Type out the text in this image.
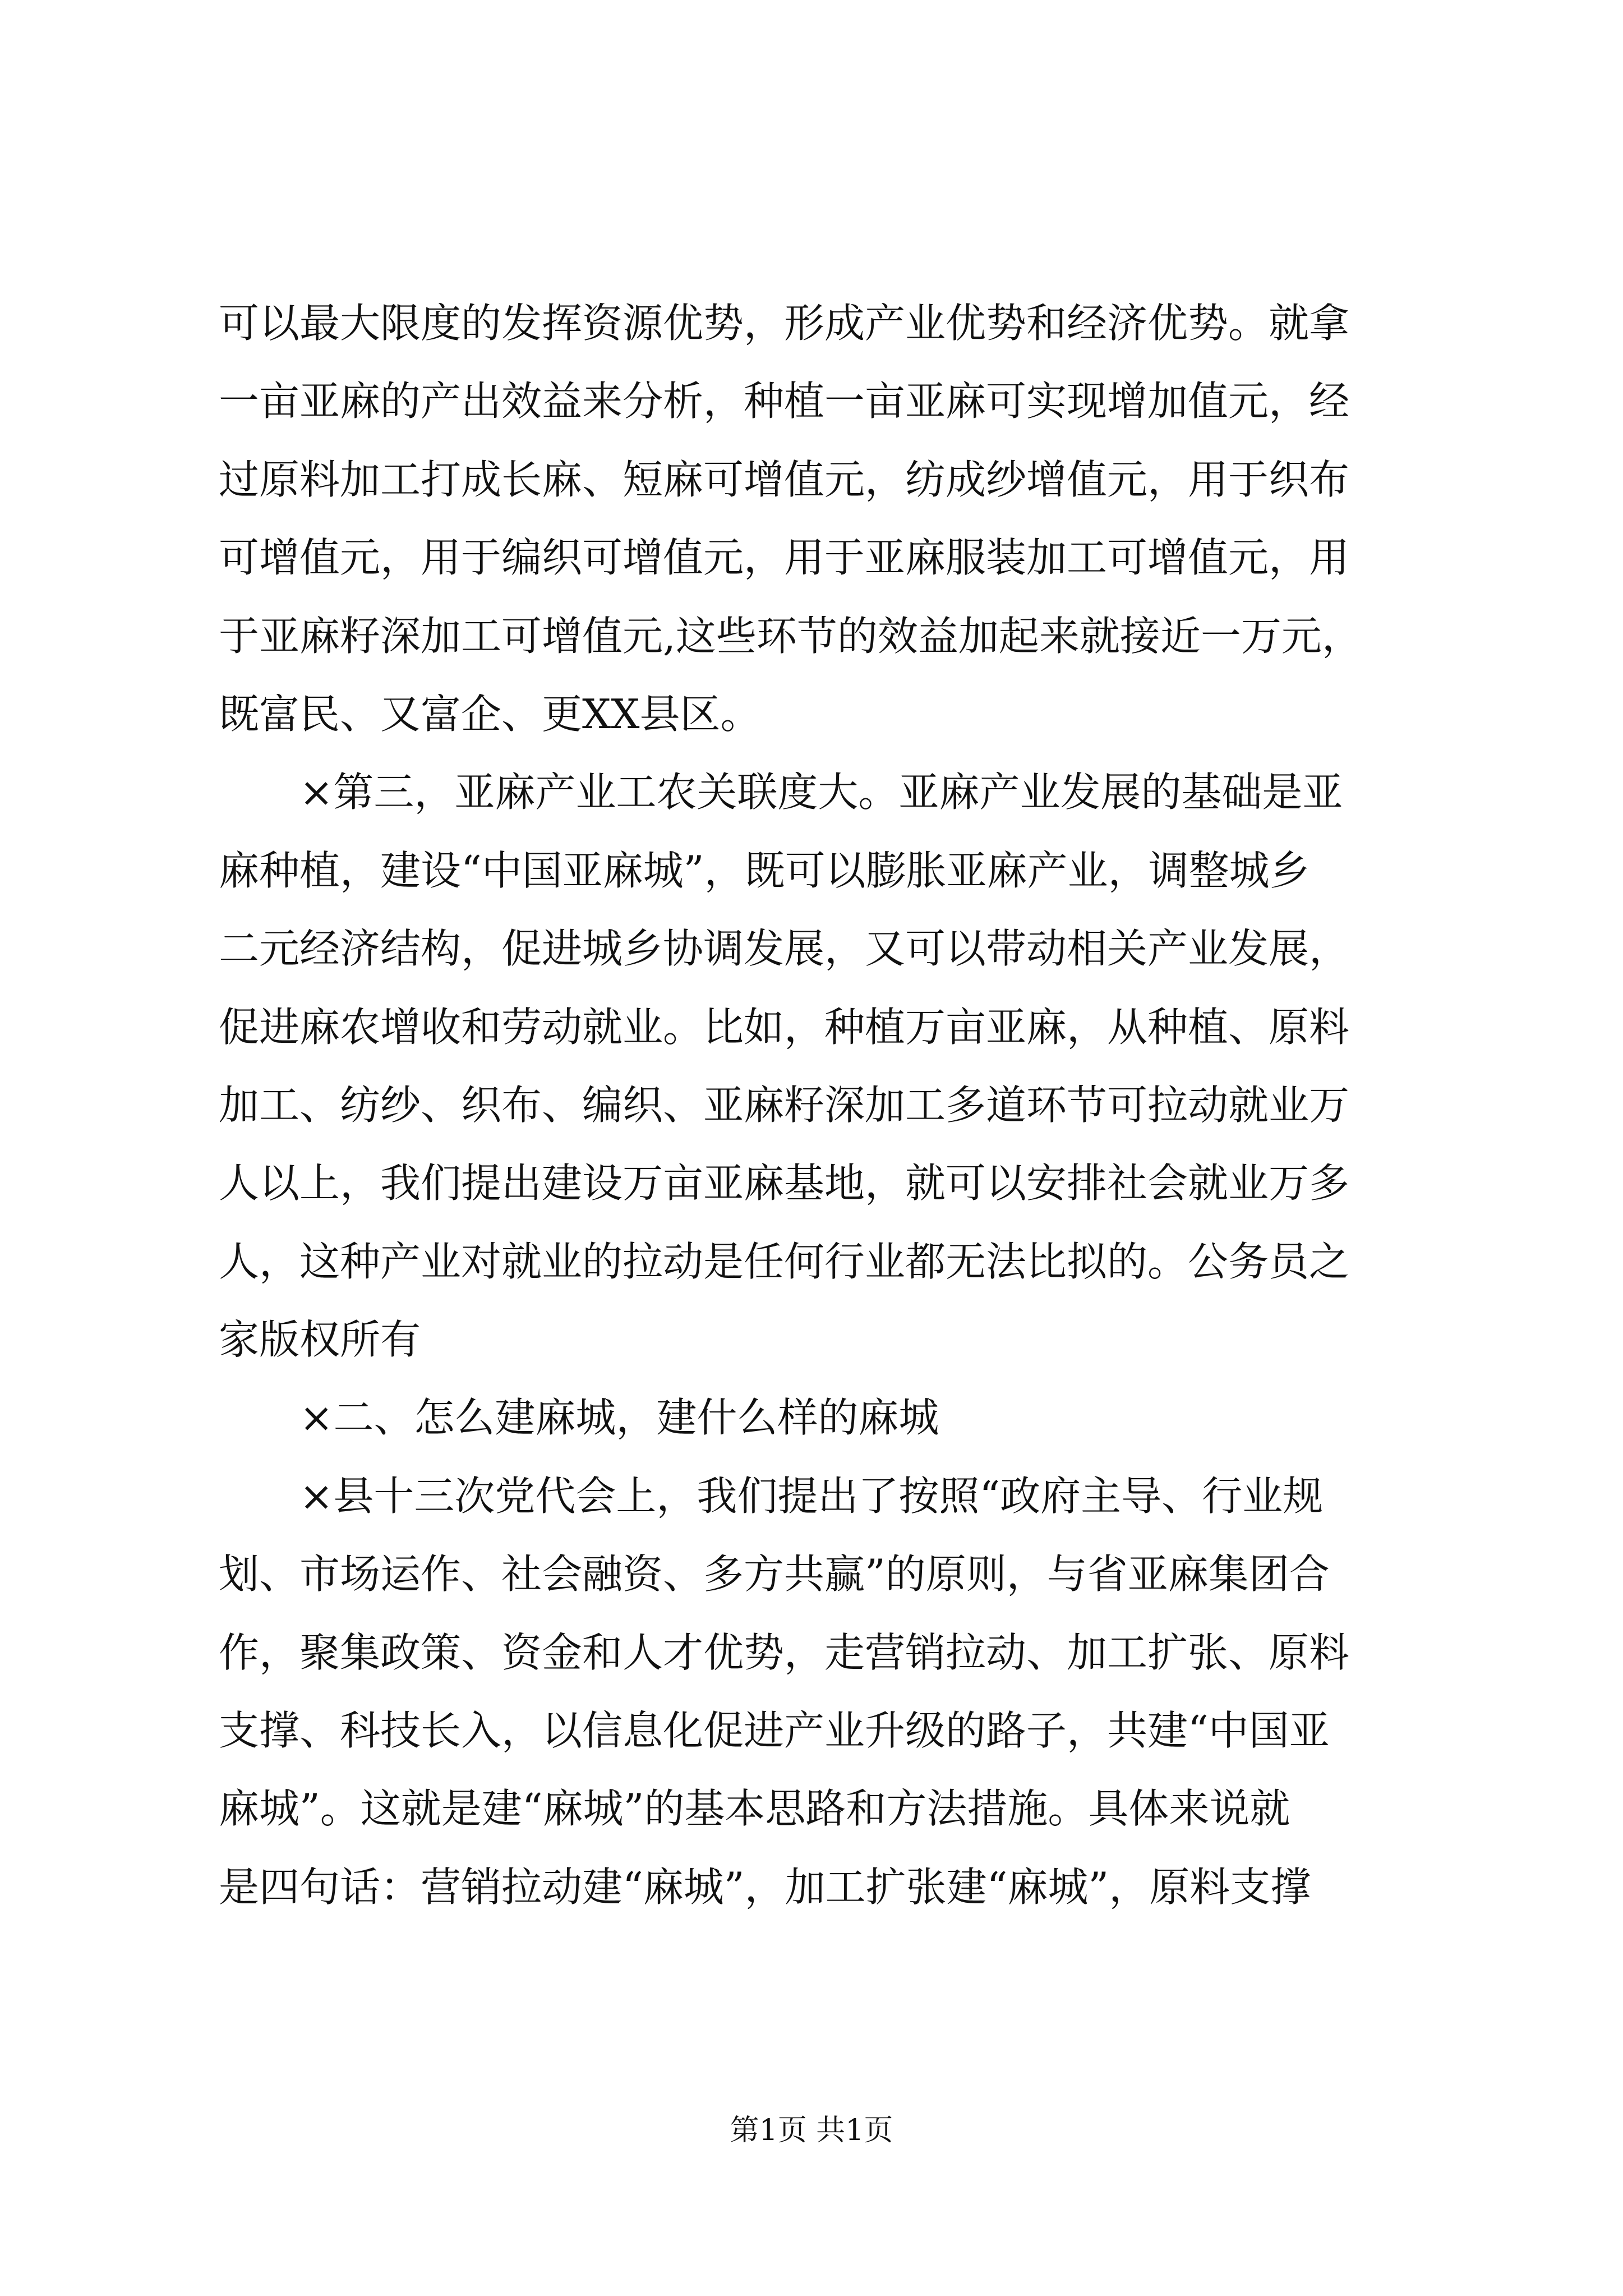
可以最大限度的发挥资源优势，形成产业优势和经济优势。就拿
一亩亚麻的产出效益来分析，种植一亩亚麻可实现增加值元，经
过原料加工打成长麻、短麻可增值元，纺成纱增值元，用于织布
可增值元，用于编织可增值元，用于亚麻服装加工可增值元，用
于亚麻籽深加工可增值元,这些环节的效益加起来就接近一万元，
既富民、又富企、更XX县区。
×第三，亚麻产业工农关联度大。亚麻产业发展的基础是亚
麻种植，建设“中国亚麻城”，既可以膨胀亚麻产业，调整城乡
二元经济结构，促进城乡协调发展，又可以带动相关产业发展，
促进麻农增收和劳动就业。比如，种植万亩亚麻，从种植、原料
加工、纺纱、织布、编织、亚麻籽深加工多道环节可拉动就业万
人以上，我们提出建设万亩亚麻基地，就可以安排社会就业万多
人，这种产业对就业的拉动是任何行业都无法比拟的。公务员之
家版权所有
×二、怎么建麻城，建什么样的麻城
×县十三次党代会上，我们提出了按照“政府主导、行业规
划、市场运作、社会融资、多方共赢”的原则，与省亚麻集团合
作，聚集政策、资金和人才优势，走营销拉动、加工扩张、原料
支撑、科技长入，以信息化促进产业升级的路子，共建“中国亚
麻城”。这就是建“麻城”的基本思路和方法措施。具体来说就
是四句话：营销拉动建“麻城”，加工扩张建“麻城”，原料支撑
第1页 共1页
